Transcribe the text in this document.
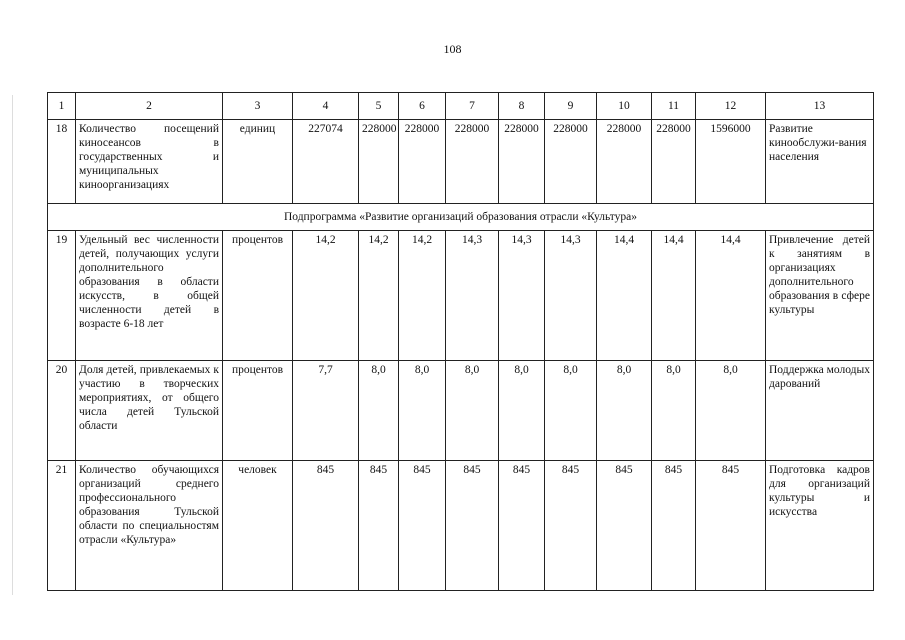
108
1	2	3	4	5	6	7	8	9	10	11	12	13
18	Количество посещений киносеансов в государственных и муниципальных киноорганизациях	единиц	227074	228000	228000	228000	228000	228000	228000	228000	1596000	Развитие кинообслужи-вания населения
Подпрограмма «Развитие организаций образования отрасли «Культура»												
19	Удельный вес численности детей, получающих услуги дополнительного образования в области искусств, в общей численности детей в возрасте 6-18 лет	процентов	14,2	14,2	14,2	14,3	14,3	14,3	14,4	14,4	14,4	Привлечение детей к занятиям в организациях дополнительного образования в сфере культуры
20	Доля детей, привлекаемых к участию в творческих мероприятиях, от общего числа детей Тульской области	процентов	7,7	8,0	8,0	8,0	8,0	8,0	8,0	8,0	8,0	Поддержка молодых дарований
21	Количество обучающихся организаций среднего профессионального образования Тульской области по специальностям отрасли «Культура»	человек	845	845	845	845	845	845	845	845	845	Подготовка кадров для организаций культуры и искусства
